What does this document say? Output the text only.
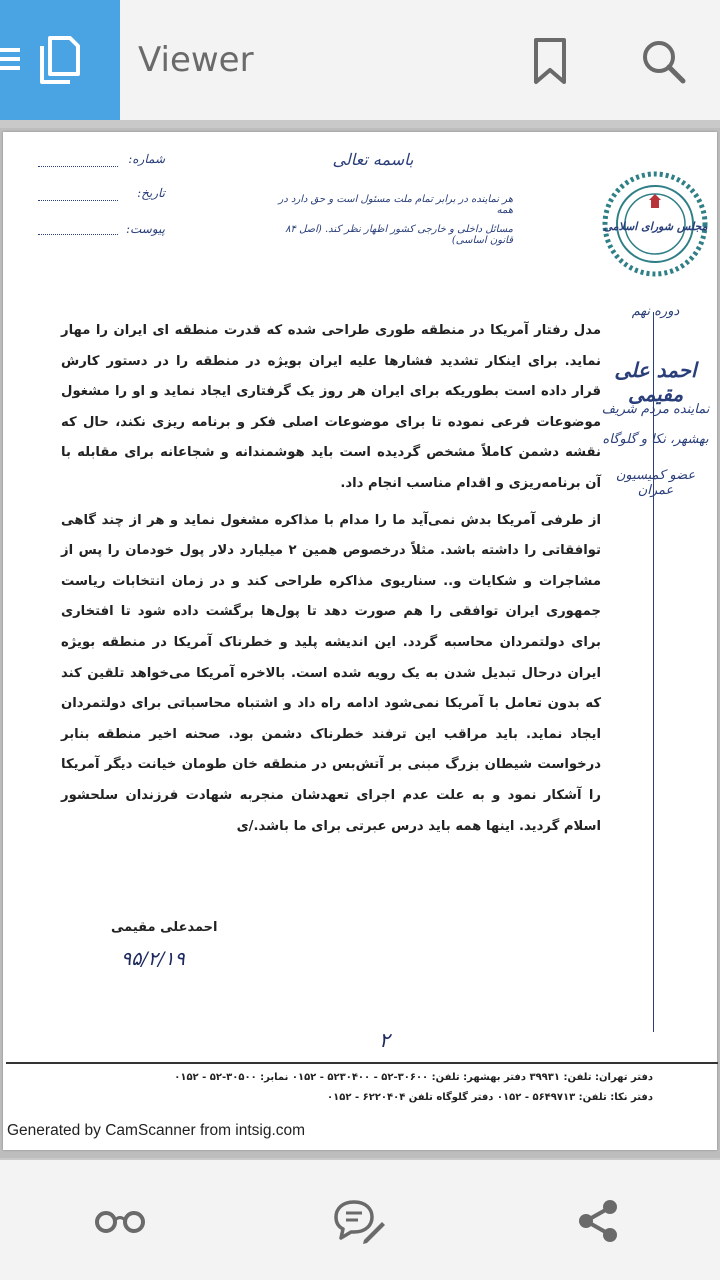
Viewer
باسمه تعالی
هر نماینده در برابر تمام ملت مسئول است و حق دارد در همه
مسائل داخلی و خارجی کشور اظهار نظر کند. (اصل ۸۴ قانون اساسی)
شماره:
تاریخ:
پیوست:	مجلس شورای اسلامی
دوره نهم
احمد علی مقیمی
نماینده مردم شریف
بهشهر، نکا و گلوگاه
عضو کمیسیون عمران

مدل رفتار آمریکا در منطقه طوری طراحی شده که قدرت منطقه ای ایران را مهار نماید. برای اینکار تشدید فشارها علیه ایران بویژه در منطقه را در دستور کارش قرار داده است بطوریکه برای ایران هر روز یک گرفتاری ایجاد نماید و او را مشغول موضوعات فرعی نموده تا برای موضوعات اصلی فکر و برنامه ریزی نکند، حال که نقشه دشمن کاملاً مشخص گردیده است باید هوشمندانه و شجاعانه برای مقابله با آن برنامه‌ریزی و اقدام مناسب انجام داد.

از طرفی آمریکا بدش نمی‌آید ما را مدام با مذاکره مشغول نماید و هر از چند گاهی توافقاتی را داشته باشد. مثلاً درخصوص همین ۲ میلیارد دلار پول خودمان را پس از مشاجرات و شکایات و.. سناریوی مذاکره طراحی کند و در زمان انتخابات ریاست جمهوری ایران توافقی را هم صورت دهد تا پول‌ها برگشت داده شود تا افتخاری برای دولتمردان محاسبه گردد. این اندیشه پلید و خطرناک آمریکا در منطقه بویژه ایران درحال تبدیل شدن به یک رویه شده است. بالاخره آمریکا می‌خواهد تلقین کند که بدون تعامل با آمریکا نمی‌شود ادامه راه داد و اشتباه محاسباتی برای دولتمردان ایجاد نماید. باید مراقب این ترفند خطرناک دشمن بود. صحنه اخیر منطقه بنابر درخواست شیطان بزرگ مبنی بر آتش‌بس در منطقه خان طومان خیانت دیگر آمریکا را آشکار نمود و به علت عدم اجرای تعهدشان منجربه شهادت فرزندان سلحشور اسلام گردید. اینها همه باید درس عبرتی برای ما باشد./ی

احمدعلی مقیمی
۹۵/۲/۱۹
۲
دفتر تهران: تلفن: ۳۹۹۳۱ دفتر بهشهر: تلفن: ۳۰۶۰۰-۵۲ - ۵۲۳۰۴۰۰ - ۰۱۵۲ نمابر: ۳۰۵۰۰-۵۲ - ۰۱۵۲
دفتر نکا: تلفن: ۵۶۴۹۷۱۳ - ۰۱۵۲ دفتر گلوگاه تلفن ۶۲۲۰۴۰۴ - ۰۱۵۲
Generated by CamScanner from intsig.com
